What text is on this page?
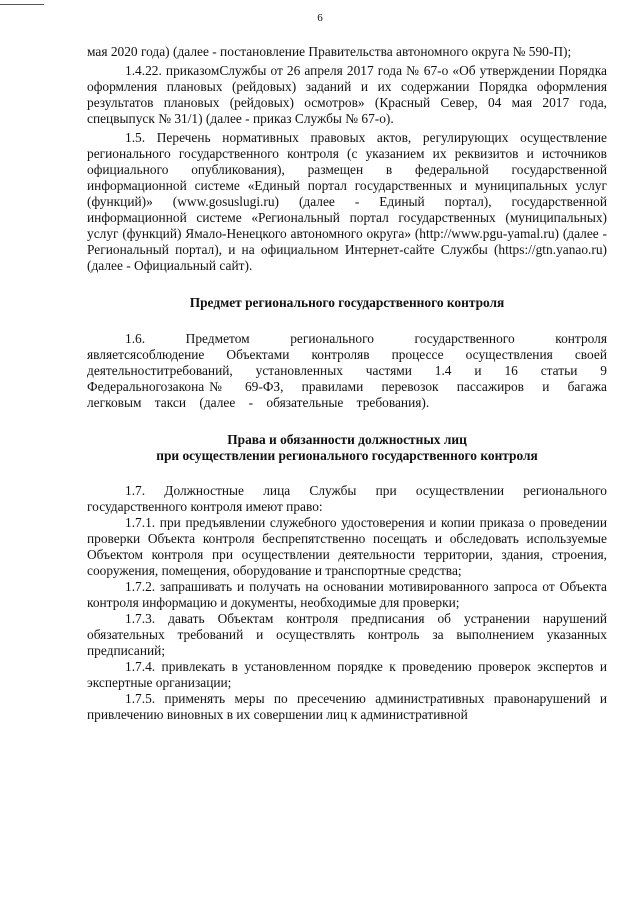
6

мая 2020 года) (далее - постановление Правительства автономного округа № 590-П);

1.4.22. приказомСлужбы от 26 апреля 2017 года № 67-о «Об утверждении Порядка оформления плановых (рейдовых) заданий и их содержании Порядка оформления результатов плановых (рейдовых) осмотров» (Красный Север, 04 мая 2017 года, спецвыпуск № 31/1) (далее - приказ Службы № 67-о).

1.5. Перечень нормативных правовых актов, регулирующих осуществление регионального государственного контроля (с указанием их реквизитов и источников официального опубликования), размещен в федеральной государственной информационной системе «Единый портал государственных и муниципальных услуг (функций)» (www.gosuslugi.ru) (далее - Единый портал), государственной информационной системе «Региональный портал государственных (муниципальных) услуг (функций) Ямало-Ненецкого автономного округа» (http://www.pgu-yamal.ru) (далее - Региональный портал), и на официальном Интернет-сайте Службы (https://gtn.yanao.ru) (далее - Официальный сайт).

Предмет регионального государственного контроля

1.6. Предметом регионального государственного контроля являетсясоблюдение Объектами контроляв процессе осуществления своей деятельноститребований, установленных частями 1.4 и 16 статьи 9 Федеральногозакона№ 69-ФЗ, правилами перевозок пассажиров и багажа легковым такси (далее - обязательные требования).

Права и обязанности должностных лиц
при осуществлении регионального государственного контроля

1.7. Должностные лица Службы при осуществлении регионального государственного контроля имеют право:

1.7.1. при предъявлении служебного удостоверения и копии приказа о проведении проверки Объекта контроля беспрепятственно посещать и обследовать используемые Объектом контроля при осуществлении деятельности территории, здания, строения, сооружения, помещения, оборудование и транспортные средства;

1.7.2. запрашивать и получать на основании мотивированного запроса от Объекта контроля информацию и документы, необходимые для проверки;

1.7.3. давать Объектам контроля предписания об устранении нарушений обязательных требований и осуществлять контроль за выполнением указанных предписаний;

1.7.4. привлекать в установленном порядке к проведению проверок экспертов и экспертные организации;

1.7.5. применять меры по пресечению административных правонарушений и привлечению виновных в их совершении лиц к административной
